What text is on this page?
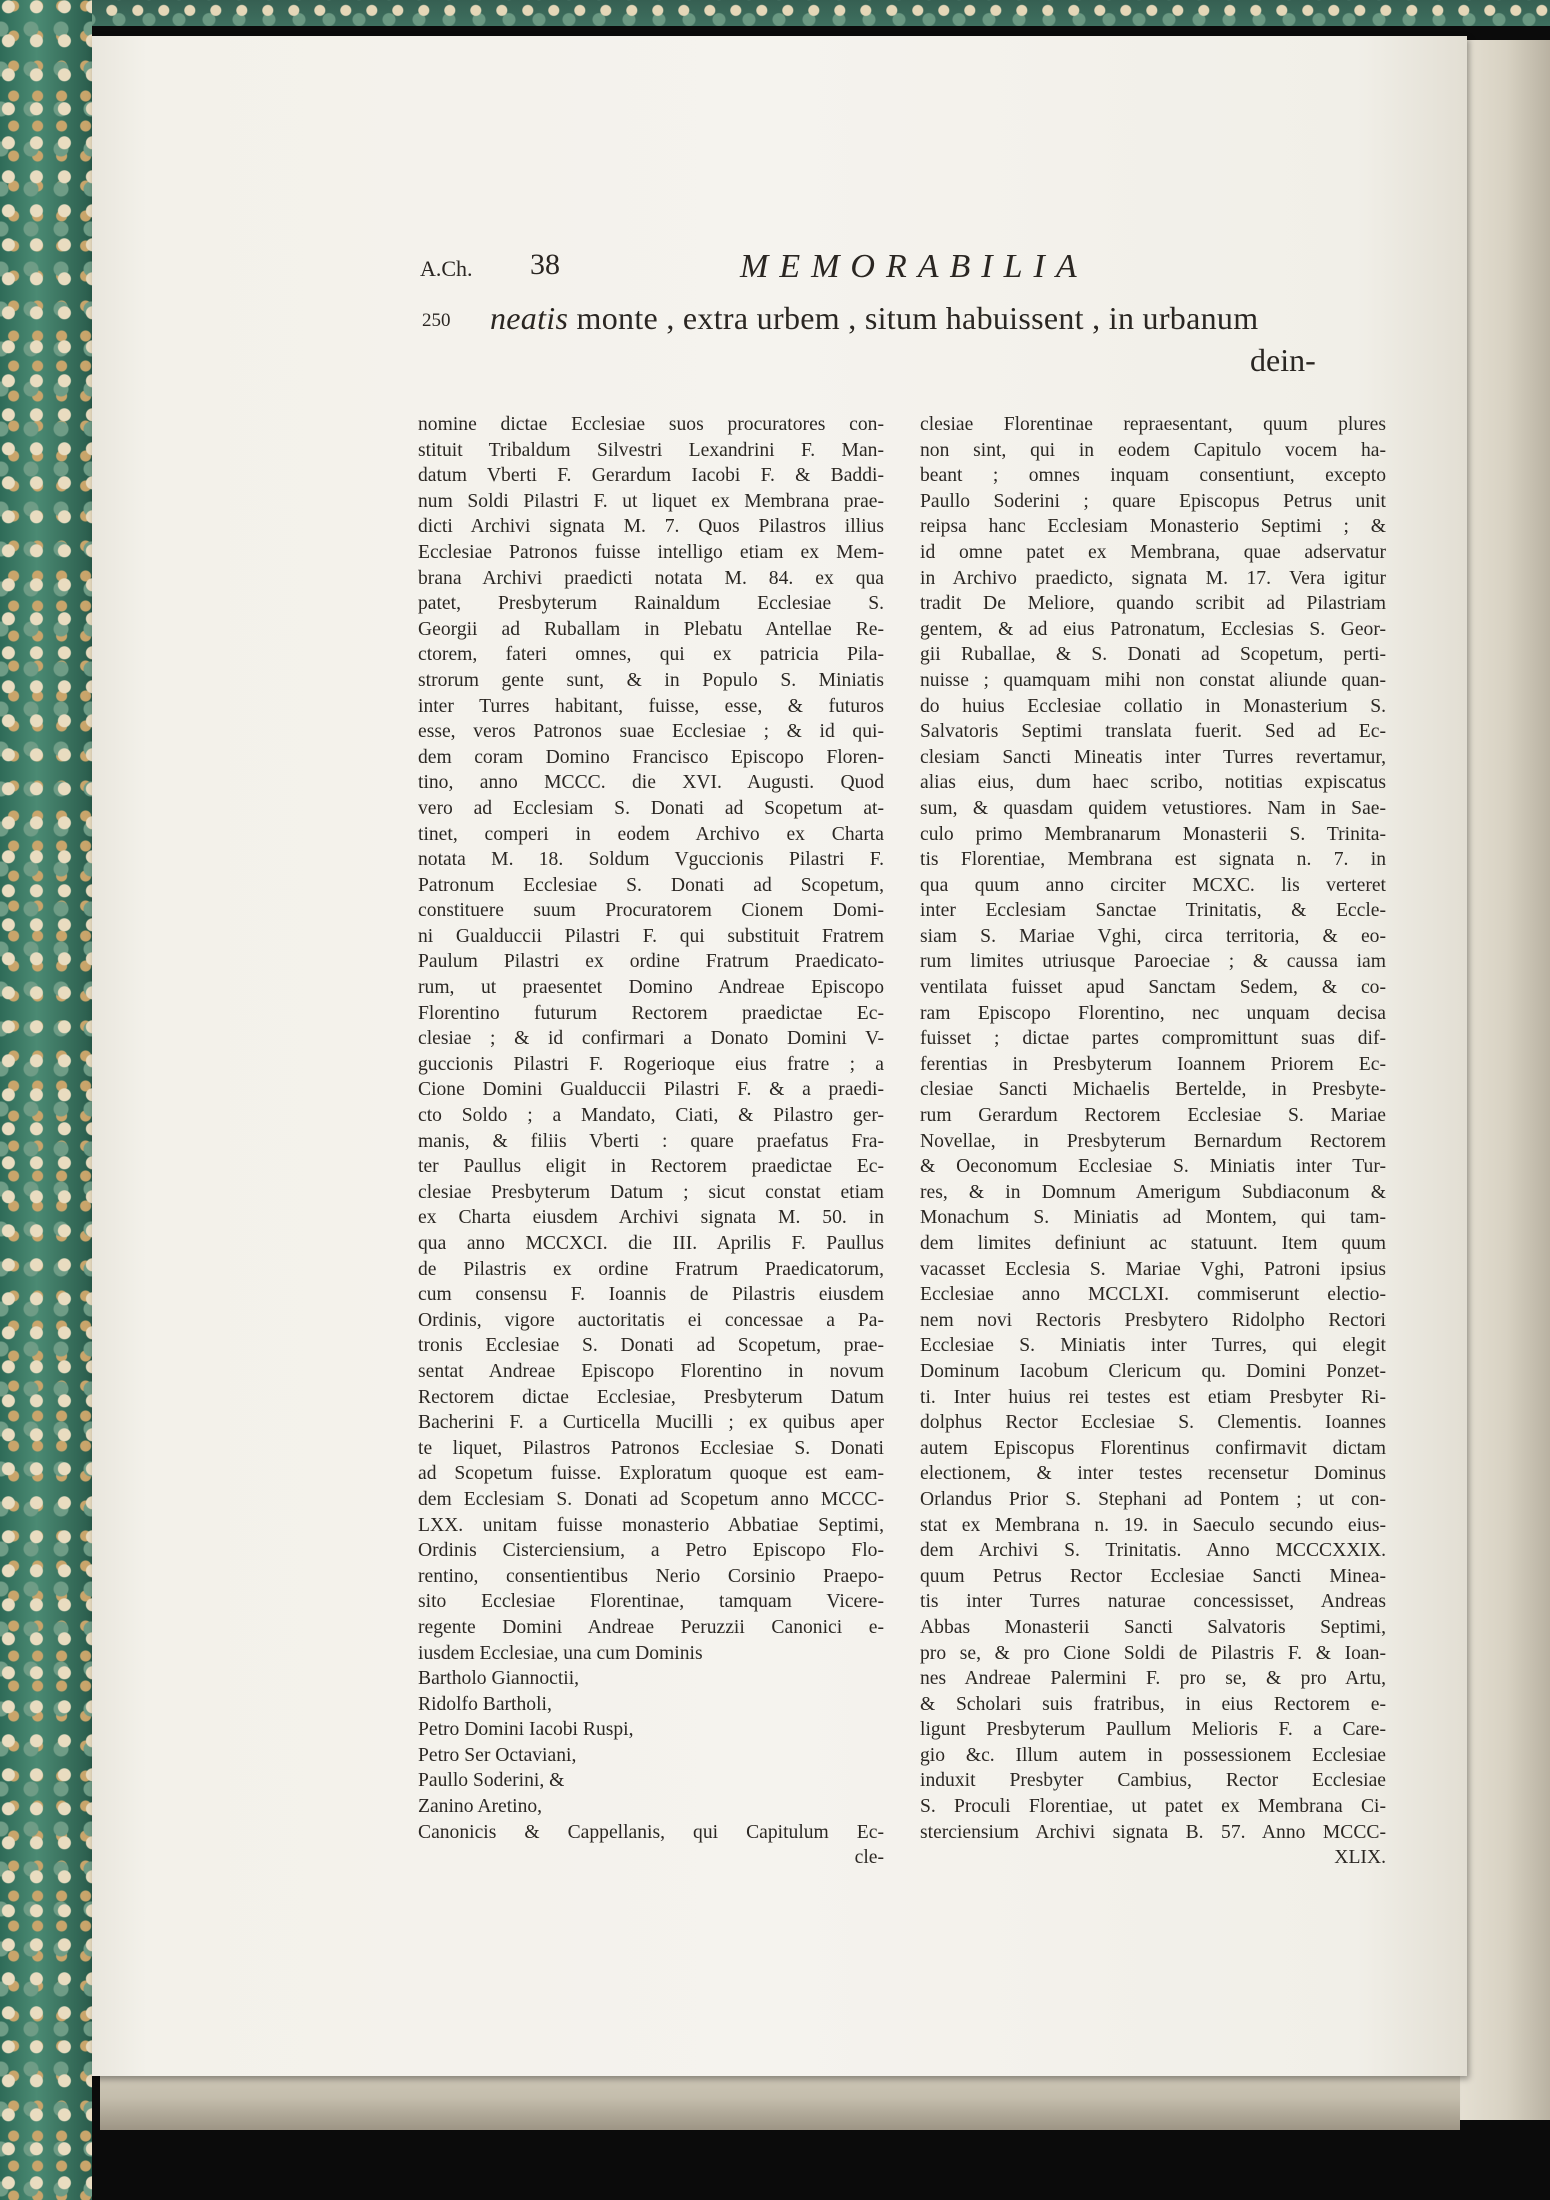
A.Ch. 38	MEMORABILIA
250 neatis monte , extra urbem , situm habuissent , in urbanum
dein-
nomine dictae Ecclesiae suos procuratores con-
stituit Tribaldum Silvestri Lexandrini F. Man-
datum Vberti F. Gerardum Iacobi F. & Baddi-
num Soldi Pilastri F. ut liquet ex Membrana prae-
dicti Archivi signata M. 7. Quos Pilastros illius
Ecclesiae Patronos fuisse intelligo etiam ex Mem-
brana Archivi praedicti notata M. 84. ex qua
patet, Presbyterum Rainaldum Ecclesiae S.
Georgii ad Ruballam in Plebatu Antellae Re-
ctorem, fateri omnes, qui ex patricia Pila-
strorum gente sunt, & in Populo S. Miniatis
inter Turres habitant, fuisse, esse, & futuros
esse, veros Patronos suae Ecclesiae ; & id qui-
dem coram Domino Francisco Episcopo Floren-
tino, anno MCCC. die XVI. Augusti. Quod
vero ad Ecclesiam S. Donati ad Scopetum at-
tinet, comperi in eodem Archivo ex Charta
notata M. 18. Soldum Vguccionis Pilastri F.
Patronum Ecclesiae S. Donati ad Scopetum,
constituere suum Procuratorem Cionem Domi-
ni Gualduccii Pilastri F. qui substituit Fratrem
Paulum Pilastri ex ordine Fratrum Praedicato-
rum, ut praesentet Domino Andreae Episcopo
Florentino futurum Rectorem praedictae Ec-
clesiae ; & id confirmari a Donato Domini V-
guccionis Pilastri F. Rogerioque eius fratre ; a
Cione Domini Gualduccii Pilastri F. & a praedi-
cto Soldo ; a Mandato, Ciati, & Pilastro ger-
manis, & filiis Vberti : quare praefatus Fra-
ter Paullus eligit in Rectorem praedictae Ec-
clesiae Presbyterum Datum ; sicut constat etiam
ex Charta eiusdem Archivi signata M. 50. in
qua anno MCCXCI. die III. Aprilis F. Paullus
de Pilastris ex ordine Fratrum Praedicatorum,
cum consensu F. Ioannis de Pilastris eiusdem
Ordinis, vigore auctoritatis ei concessae a Pa-
tronis Ecclesiae S. Donati ad Scopetum, prae-
sentat Andreae Episcopo Florentino in novum
Rectorem dictae Ecclesiae, Presbyterum Datum
Bacherini F. a Curticella Mucilli ; ex quibus aper
te liquet, Pilastros Patronos Ecclesiae S. Donati
ad Scopetum fuisse. Exploratum quoque est eam-
dem Ecclesiam S. Donati ad Scopetum anno MCCC-
LXX. unitam fuisse monasterio Abbatiae Septimi,
Ordinis Cisterciensium, a Petro Episcopo Flo-
rentino, consentientibus Nerio Corsinio Praepo-
sito Ecclesiae Florentinae, tamquam Vicere-
regente Domini Andreae Peruzzii Canonici e-
iusdem Ecclesiae, una cum Dominis
Bartholo Giannoctii,
Ridolfo Bartholi,
Petro Domini Iacobi Ruspi,
Petro Ser Octaviani,
Paullo Soderini, &
Zanino Aretino,
Canonicis & Cappellanis, qui Capitulum Ec-
cle-
clesiae Florentinae repraesentant, quum plures
non sint, qui in eodem Capitulo vocem ha-
beant ; omnes inquam consentiunt, excepto
Paullo Soderini ; quare Episcopus Petrus unit
reipsa hanc Ecclesiam Monasterio Septimi ; &
id omne patet ex Membrana, quae adservatur
in Archivo praedicto, signata M. 17. Vera igitur
tradit De Meliore, quando scribit ad Pilastriam
gentem, & ad eius Patronatum, Ecclesias S. Geor-
gii Ruballae, & S. Donati ad Scopetum, perti-
nuisse ; quamquam mihi non constat aliunde quan-
do huius Ecclesiae collatio in Monasterium S.
Salvatoris Septimi translata fuerit. Sed ad Ec-
clesiam Sancti Mineatis inter Turres revertamur,
alias eius, dum haec scribo, notitias expiscatus
sum, & quasdam quidem vetustiores. Nam in Sae-
culo primo Membranarum Monasterii S. Trinita-
tis Florentiae, Membrana est signata n. 7. in
qua quum anno circiter MCXC. lis verteret
inter Ecclesiam Sanctae Trinitatis, & Eccle-
siam S. Mariae Vghi, circa territoria, & eo-
rum limites utriusque Paroeciae ; & caussa iam
ventilata fuisset apud Sanctam Sedem, & co-
ram Episcopo Florentino, nec unquam decisa
fuisset ; dictae partes compromittunt suas dif-
ferentias in Presbyterum Ioannem Priorem Ec-
clesiae Sancti Michaelis Bertelde, in Presbyte-
rum Gerardum Rectorem Ecclesiae S. Mariae
Novellae, in Presbyterum Bernardum Rectorem
& Oeconomum Ecclesiae S. Miniatis inter Tur-
res, & in Domnum Amerigum Subdiaconum &
Monachum S. Miniatis ad Montem, qui tam-
dem limites definiunt ac statuunt. Item quum
vacasset Ecclesia S. Mariae Vghi, Patroni ipsius
Ecclesiae anno MCCLXI. commiserunt electio-
nem novi Rectoris Presbytero Ridolpho Rectori
Ecclesiae S. Miniatis inter Turres, qui elegit
Dominum Iacobum Clericum qu. Domini Ponzet-
ti. Inter huius rei testes est etiam Presbyter Ri-
dolphus Rector Ecclesiae S. Clementis. Ioannes
autem Episcopus Florentinus confirmavit dictam
electionem, & inter testes recensetur Dominus
Orlandus Prior S. Stephani ad Pontem ; ut con-
stat ex Membrana n. 19. in Saeculo secundo eius-
dem Archivi S. Trinitatis. Anno MCCCXXIX.
quum Petrus Rector Ecclesiae Sancti Minea-
tis inter Turres naturae concessisset, Andreas
Abbas Monasterii Sancti Salvatoris Septimi,
pro se, & pro Cione Soldi de Pilastris F. & Ioan-
nes Andreae Palermini F. pro se, & pro Artu,
& Scholari suis fratribus, in eius Rectorem e-
ligunt Presbyterum Paullum Melioris F. a Care-
gio &c. Illum autem in possessionem Ecclesiae
induxit Presbyter Cambius, Rector Ecclesiae
S. Proculi Florentiae, ut patet ex Membrana Ci-
sterciensium Archivi signata B. 57. Anno MCCC-
XLIX.
